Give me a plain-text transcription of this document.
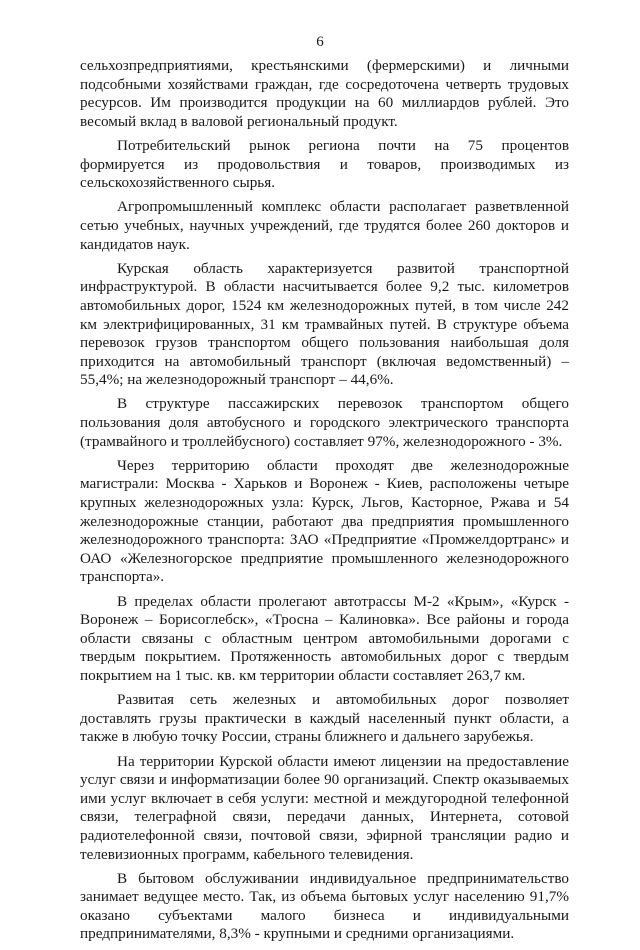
6

сельхозпредприятиями, крестьянскими (фермерскими) и личными подсобными хозяйствами граждан, где сосредоточена четверть трудовых ресурсов. Им производится продукции на 60 миллиардов рублей. Это весомый вклад в валовой региональный продукт.

Потребительский рынок региона почти на 75 процентов формируется из продовольствия и товаров, производимых из сельскохозяйственного сырья.

Агропромышленный комплекс области располагает разветвленной сетью учебных, научных учреждений, где трудятся более 260 докторов и кандидатов наук.

Курская область характеризуется развитой транспортной инфраструктурой. В области насчитывается более 9,2 тыс. километров автомобильных дорог, 1524 км железнодорожных путей, в том числе 242 км электрифицированных, 31 км трамвайных путей. В структуре объема перевозок грузов транспортом общего пользования наибольшая доля приходится на автомобильный транспорт (включая ведомственный) – 55,4%; на железнодорожный транспорт – 44,6%.

В структуре пассажирских перевозок транспортом общего пользования доля автобусного и городского электрического транспорта (трамвайного и троллейбусного) составляет 97%, железнодорожного - 3%.

Через территорию области проходят две железнодорожные магистрали: Москва - Харьков и Воронеж - Киев, расположены четыре крупных железнодорожных узла: Курск, Льгов, Касторное, Ржава и 54 железнодорожные станции, работают два предприятия промышленного железнодорожного транспорта: ЗАО «Предприятие «Промжелдортранс» и ОАО «Железногорское предприятие промышленного железнодорожного транспорта».

В пределах области пролегают автотрассы М-2 «Крым», «Курск - Воронеж – Борисоглебск», «Тросна – Калиновка». Все районы и города области связаны с областным центром автомобильными дорогами с твердым покрытием. Протяженность автомобильных дорог с твердым покрытием на 1 тыс. кв. км территории области составляет 263,7 км.

Развитая сеть железных и автомобильных дорог позволяет доставлять грузы практически в каждый населенный пункт области, а также в любую точку России, страны ближнего и дальнего зарубежья.

На территории Курской области имеют лицензии на предоставление услуг связи и информатизации более 90 организаций. Спектр оказываемых ими услуг включает в себя услуги: местной и междугородной телефонной связи, телеграфной связи, передачи данных, Интернета, сотовой радиотелефонной связи, почтовой связи, эфирной трансляции радио и телевизионных программ, кабельного телевидения.

В бытовом обслуживании индивидуальное предпринимательство занимает ведущее место. Так, из объема бытовых услуг населению 91,7% оказано субъектами малого бизнеса и индивидуальными предпринимателями, 8,3% - крупными и средними организациями.
